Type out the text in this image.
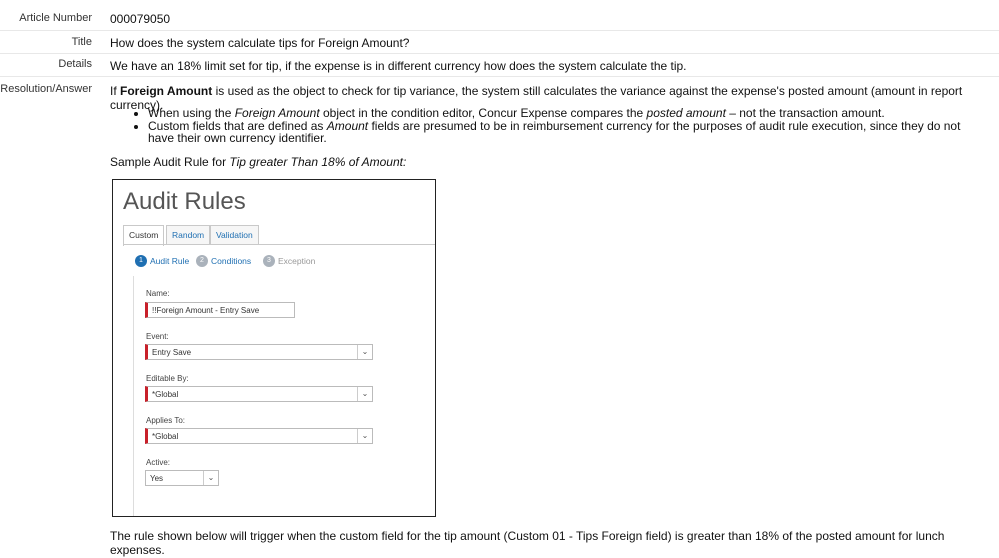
Article Number 000079050
Title How does the system calculate tips for Foreign Amount?
Details We have an 18% limit set for tip, if the expense is in different currency how does the system calculate the tip.
Resolution/Answer If Foreign Amount is used as the object to check for tip variance, the system still calculates the variance against the expense's posted amount (amount in report currency).
• When using the Foreign Amount object in the condition editor, Concur Expense compares the posted amount – not the transaction amount.
• Custom fields that are defined as Amount fields are presumed to be in reimbursement currency for the purposes of audit rule execution, since they do not have their own currency identifier.
Sample Audit Rule for Tip greater Than 18% of Amount:
Audit Rules
Custom	Random	Validation
1 Audit Rule	2 Conditions	3 Exception
Name:
!!Foreign Amount - Entry Save
Event:
Entry Save	⌄
Editable By:
*Global	⌄
Applies To:
*Global	⌄
Active:
Yes	⌄
The rule shown below will trigger when the custom field for the tip amount (Custom 01 - Tips Foreign field) is greater than 18% of the posted amount for lunch expenses.
